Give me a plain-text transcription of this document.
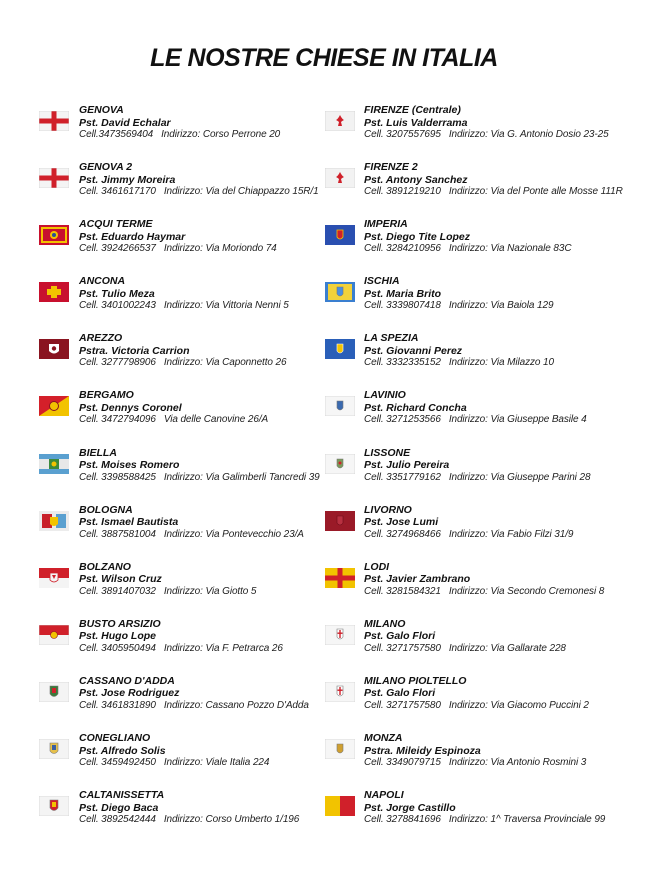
LE NOSTRE CHIESE IN ITALIA
GENOVA
Pst. David Echalar
Cell.3473569404 Indirizzo: Corso Perrone 20
GENOVA 2
Pst. Jimmy Moreira
Cell. 3461617170 Indirizzo: Via del Chiappazzo 15R/1
ACQUI TERME
Pst. Eduardo Haymar
Cell. 3924266537 Indirizzo: Via Moriondo 74
ANCONA
Pst. Tulio Meza
Cell. 3401002243 Indirizzo: Via Vittoria Nenni 5
AREZZO
Pstra. Victoria Carrion
Cell. 3277798906 Indirizzo: Via Caponnetto 26
BERGAMO
Pst. Dennys Coronel
Cell. 3472794096 Via delle Canovine 26/A
BIELLA
Pst. Moises Romero
Cell. 3398588425 Indirizzo: Via Galimberli Tancredi 39
BOLOGNA
Pst. Ismael Bautista
Cell. 3887581004 Indirizzo: Via Pontevecchio 23/A
BOLZANO
Pst. Wilson Cruz
Cell. 3891407032 Indirizzo: Via Giotto 5
BUSTO ARSIZIO
Pst. Hugo Lope
Cell. 3405950494 Indirizzo: Via F. Petrarca 26
CASSANO D'ADDA
Pst. Jose Rodriguez
Cell. 3461831890 Indirizzo: Cassano Pozzo D'Adda
CONEGLIANO
Pst. Alfredo Solis
Cell. 3459492450 Indirizzo: Viale Italia 224
CALTANISSETTA
Pst. Diego Baca
Cell. 3892542444 Indirizzo: Corso Umberto 1/196
FIRENZE (Centrale)
Pst. Luis Valderrama
Cell. 3207557695 Indirizzo: Via G. Antonio Dosio 23-25
FIRENZE 2
Pst. Antony Sanchez
Cell. 3891219210 Indirizzo: Via del Ponte alle Mosse 111R
IMPERIA
Pst. Diego Tite Lopez
Cell. 3284210956 Indirizzo: Via Nazionale 83C
ISCHIA
Pst. Maria Brito
Cell. 3339807418 Indirizzo: Via Baiola 129
LA SPEZIA
Pst. Giovanni Perez
Cell. 3332335152 Indirizzo: Via Milazzo 10
LAVINIO
Pst. Richard Concha
Cell. 3271253566 Indirizzo: Via Giuseppe Basile 4
LISSONE
Pst. Julio Pereira
Cell. 3351779162 Indirizzo: Via Giuseppe Parini 28
LIVORNO
Pst. Jose Lumi
Cell. 3274968466 Indirizzo: Via Fabio Filzi 31/9
LODI
Pst. Javier Zambrano
Cell. 3281584321 Indirizzo: Via Secondo Cremonesi 8
MILANO
Pst. Galo Flori
Cell. 3271757580 Indirizzo: Via Gallarate 228
MILANO PIOLTELLO
Pst. Galo Flori
Cell. 3271757580 Indirizzo: Via Giacomo Puccini 2
MONZA
Pstra. Mileidy Espinoza
Cell. 3349079715 Indirizzo: Via Antonio Rosmini 3
NAPOLI
Pst. Jorge Castillo
Cell. 3278841696 Indirizzo: 1^ Traversa Provinciale 99
